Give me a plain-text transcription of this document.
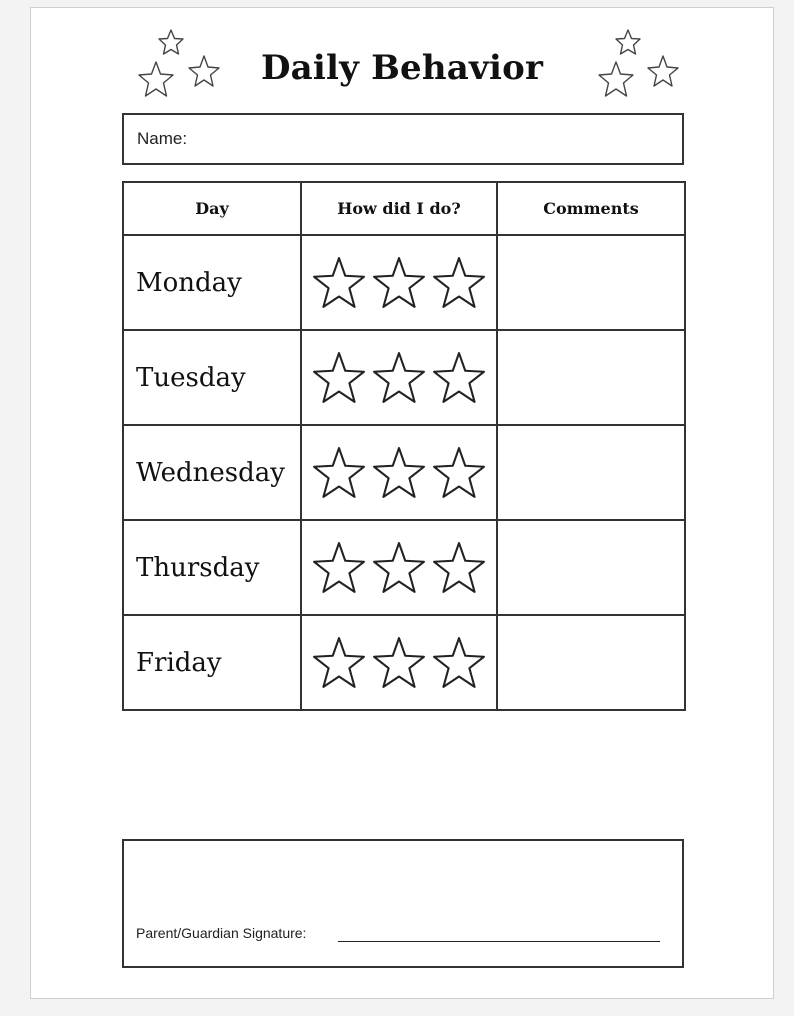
Daily Behavior
Name:
Day	How did I do?	Comments
Monday		
Tuesday		
Wednesday		
Thursday		
Friday		
Parent/Guardian Signature:
